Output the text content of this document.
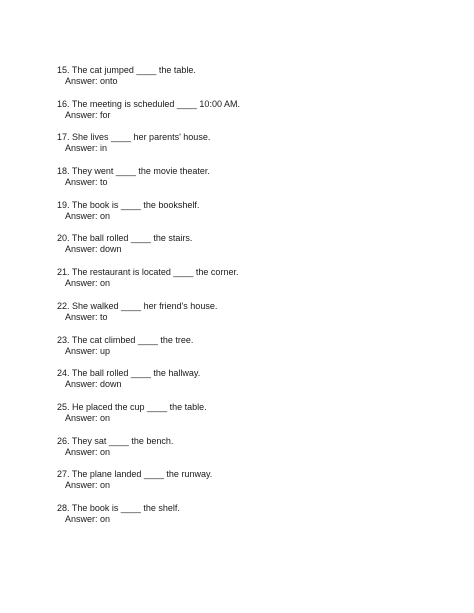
15. The cat jumped ____ the table.
Answer: onto
16. The meeting is scheduled ____ 10:00 AM.
Answer: for
17. She lives ____ her parents' house.
Answer: in
18. They went ____ the movie theater.
Answer: to
19. The book is ____ the bookshelf.
Answer: on
20. The ball rolled ____ the stairs.
Answer: down
21. The restaurant is located ____ the corner.
Answer: on
22. She walked ____ her friend's house.
Answer: to
23. The cat climbed ____ the tree.
Answer: up
24. The ball rolled ____ the hallway.
Answer: down
25. He placed the cup ____ the table.
Answer: on
26. They sat ____ the bench.
Answer: on
27. The plane landed ____ the runway.
Answer: on
28. The book is ____ the shelf.
Answer: on
